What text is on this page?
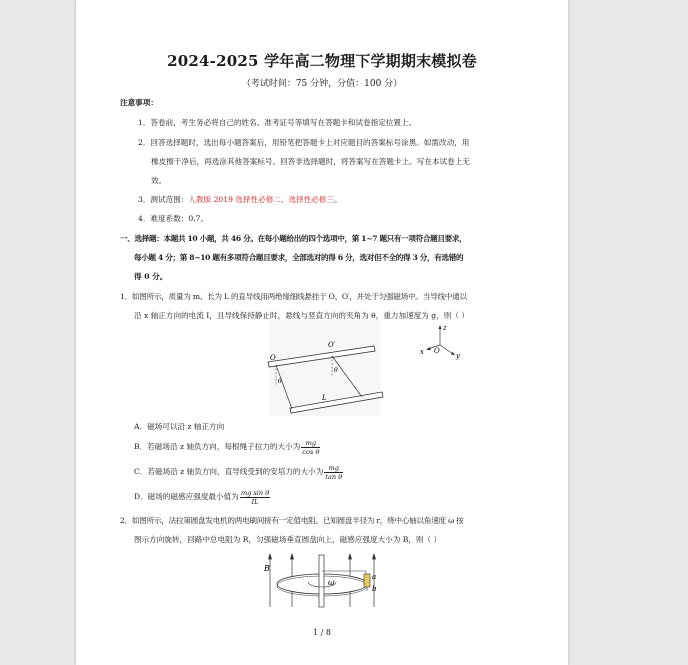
2024-2025 学年高二物理下学期期末模拟卷
（考试时间：75 分钟，分值：100 分）
注意事项：
1．答卷前，考生务必将自己的姓名、准考证号等填写在答题卡和试卷指定位置上。
2．回答选择题时，选出每小题答案后，用铅笔把答题卡上对应题目的答案标号涂黑。如需改动，用
橡皮擦干净后，再选涂其他答案标号。回答非选择题时，将答案写在答题卡上。写在本试卷上无
效。
3．测试范围：人教版 2019 选择性必修二、选择性必修三。
4．难度系数：0.7。
一、选择题：本题共 10 小题，共 46 分。在每小题给出的四个选项中，第 1~7 题只有一项符合题目要求，
每小题 4 分；第 8~10 题有多项符合题目要求，全部选对的得 6 分，选对但不全的得 3 分，有选错的
得 0 分。
1．如图所示，质量为 m、长为 L 的直导线用两绝缘细线悬挂于 O、O′，并处于匀强磁场中。当导线中通以
沿 x 轴正方向的电流 I，且导线保持静止时，悬线与竖直方向的夹角为 θ，重力加速度为 g，则（ ）
O
O′
θ
θ
L
z
x	y
O
A．磁场可以沿 z 轴正方向
B．若磁场沿 z 轴负方向，每根绳子拉力的大小为 $\frac{mg}{\text{cos θ}}$
C．若磁场沿 z 轴负方向，直导线受到的安培力的大小为 $\frac{mg}{\text{tan θ}}$
D．磁场的磁感应强度最小值为 $\frac{\text{mg sin θ}}{IL}$
2．如图所示，法拉第圆盘发电机的两电刷间接有一定值电阻。已知圆盘半径为 r，绕中心轴以角速度 ω 按
图示方向旋转，回路中总电阻为 R，匀强磁场垂直圆盘向上，磁感应强度大小为 B，则（ ）
B
ω
a
b
1 / 8
